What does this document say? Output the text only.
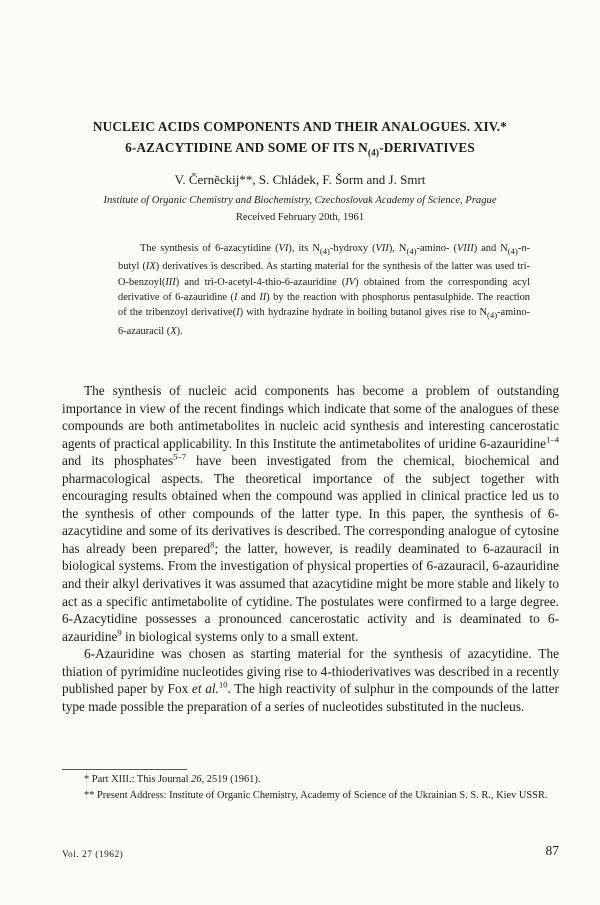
NUCLEIC ACIDS COMPONENTS AND THEIR ANALOGUES. XIV.*
6-AZACYTIDINE AND SOME OF ITS $N_{(4)}$-DERIVATIVES
V. Černěckij**, S. Chládek, F. Šorm and J. Smrt
Institute of Organic Chemistry and Biochemistry, Czechoslovak Academy of Science, Prague
Received February 20th, 1961

The synthesis of 6-azacytidine (VI), its $N_{(4)}$-hydroxy (VII), $N_{(4)}-amino-$ (VIII) and $N_{(4)}-n$-butyl (IX) derivatives is described. As starting material for the synthesis of the latter was used tri-O-benzoyl(III) and tri-O-acetyl-4-thio-6-azauridine (IV) obtained from the corresponding acyl derivative of 6-azauridine (I and II) by the reaction with phosphorus pentasulphide. The reaction of the tribenzoyl derivative(I) with hydrazine hydrate in boiling butanol gives rise to $N_{(4)}-amino-6$-azauracil (X).

The synthesis of nucleic acid components has become a problem of outstanding importance in view of the recent findings which indicate that some of the analogues of these compounds are both antimetabolites in nucleic acid synthesis and interesting cancerostatic agents of practical applicability. In this Institute the antimetabolites of uridine 6-azauridine$^{1-4}$ and its phosphates$^{5-7}$ have been investigated from the chemical, biochemical and pharmacological aspects. The theoretical importance of the subject together with encouraging results obtained when the compound was applied in clinical practice led us to the synthesis of other compounds of the latter type. In this paper, the synthesis of 6-azacytidine and some of its derivatives is described. The corresponding analogue of cytosine has already been prepared$^8$; the latter, however, is readily deaminated to 6-azauracil in biological systems. From the investigation of physical properties of 6-azauracil, 6-azauridine and their alkyl derivatives it was assumed that azacytidine might be more stable and likely to act as a specific antimetabolite of cytidine. The postulates were confirmed to a large degree. 6-Azacytidine possesses a pronounced cancerostatic activity and is deaminated to 6-azauridine$^9$ in biological systems only to a small extent.

6-Azauridine was chosen as starting material for the synthesis of azacytidine. The thiation of pyrimidine nucleotides giving rise to 4-thioderivatives was described in a recently published paper by Fox et al.$^{10}$. The high reactivity of sulphur in the compounds of the latter type made possible the preparation of a series of nucleotides substituted in the nucleus.

* Part XIII.: This Journal 26, 2519 (1961).

** Present Address: Institute of Organic Chemistry, Academy of Science of the Ukrainian S. S. R., Kiev USSR.

Vol. 27 (1962)	87
